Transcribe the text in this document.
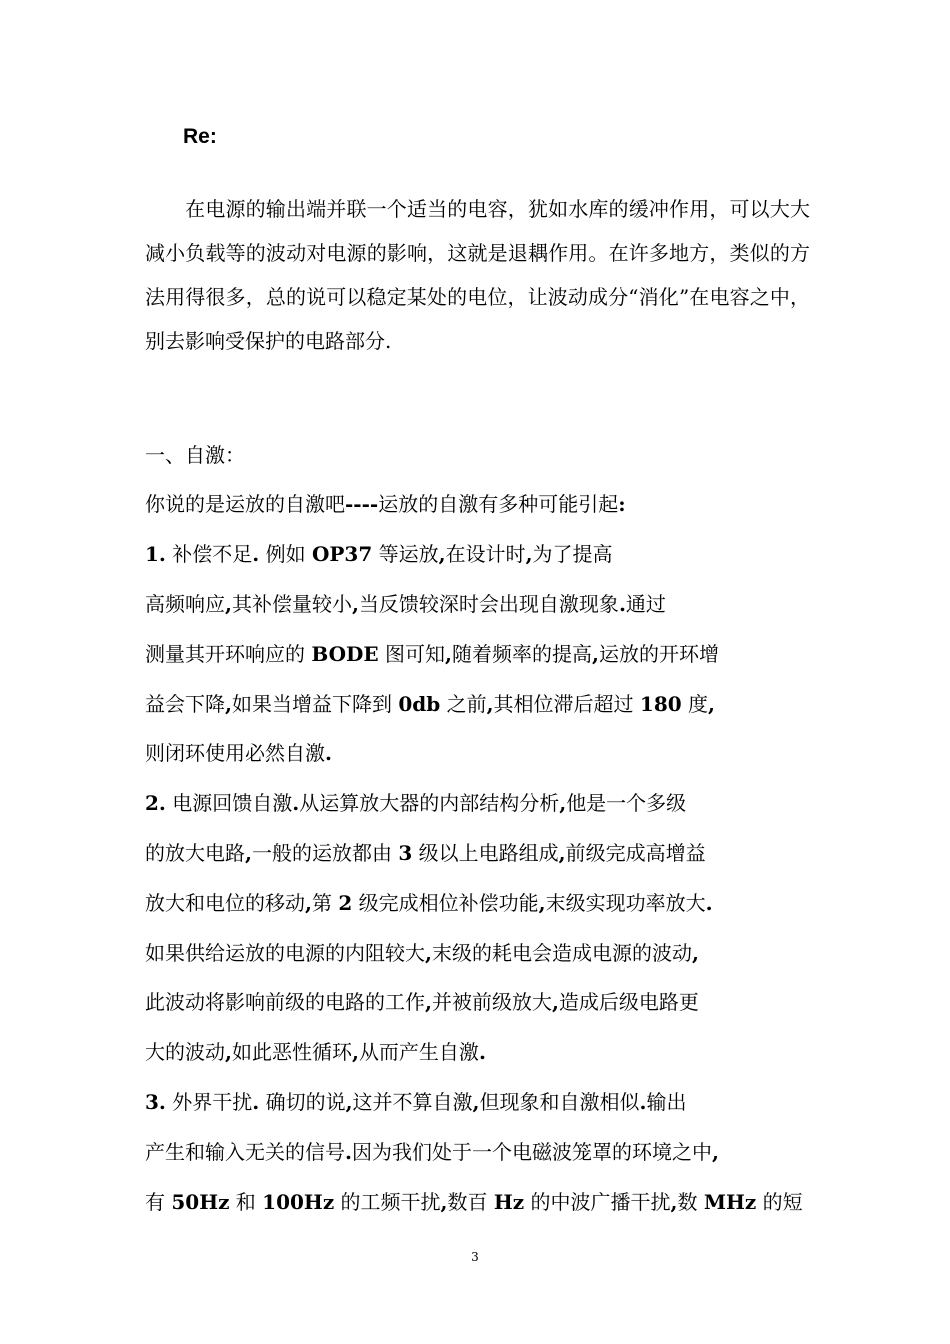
Re:
在电源的输出端并联一个适当的电容，犹如水库的缓冲作用，可以大大减小负载等的波动对电源的影响，这就是退耦作用。在许多地方，类似的方法用得很多，总的说可以稳定某处的电位，让波动成分“消化”在电容之中，别去影响受保护的电路部分.
一、自激：
你说的是运放的自激吧----运放的自激有多种可能引起:
1. 补偿不足. 例如 OP37 等运放,在设计时,为了提高
高频响应,其补偿量较小,当反馈较深时会出现自激现象.通过
测量其开环响应的 BODE 图可知,随着频率的提高,运放的开环增
益会下降,如果当增益下降到 0db 之前,其相位滞后超过 180 度,
则闭环使用必然自激.
2. 电源回馈自激.从运算放大器的内部结构分析,他是一个多级
的放大电路,一般的运放都由 3 级以上电路组成,前级完成高增益
放大和电位的移动,第 2 级完成相位补偿功能,末级实现功率放大.
如果供给运放的电源的内阻较大,末级的耗电会造成电源的波动,
此波动将影响前级的电路的工作,并被前级放大,造成后级电路更
大的波动,如此恶性循环,从而产生自激.
3. 外界干扰. 确切的说,这并不算自激,但现象和自激相似.输出
产生和输入无关的信号.因为我们处于一个电磁波笼罩的环境之中,
有 50Hz 和 100Hz 的工频干扰,数百 Hz 的中波广播干扰,数 MHz 的短
3
